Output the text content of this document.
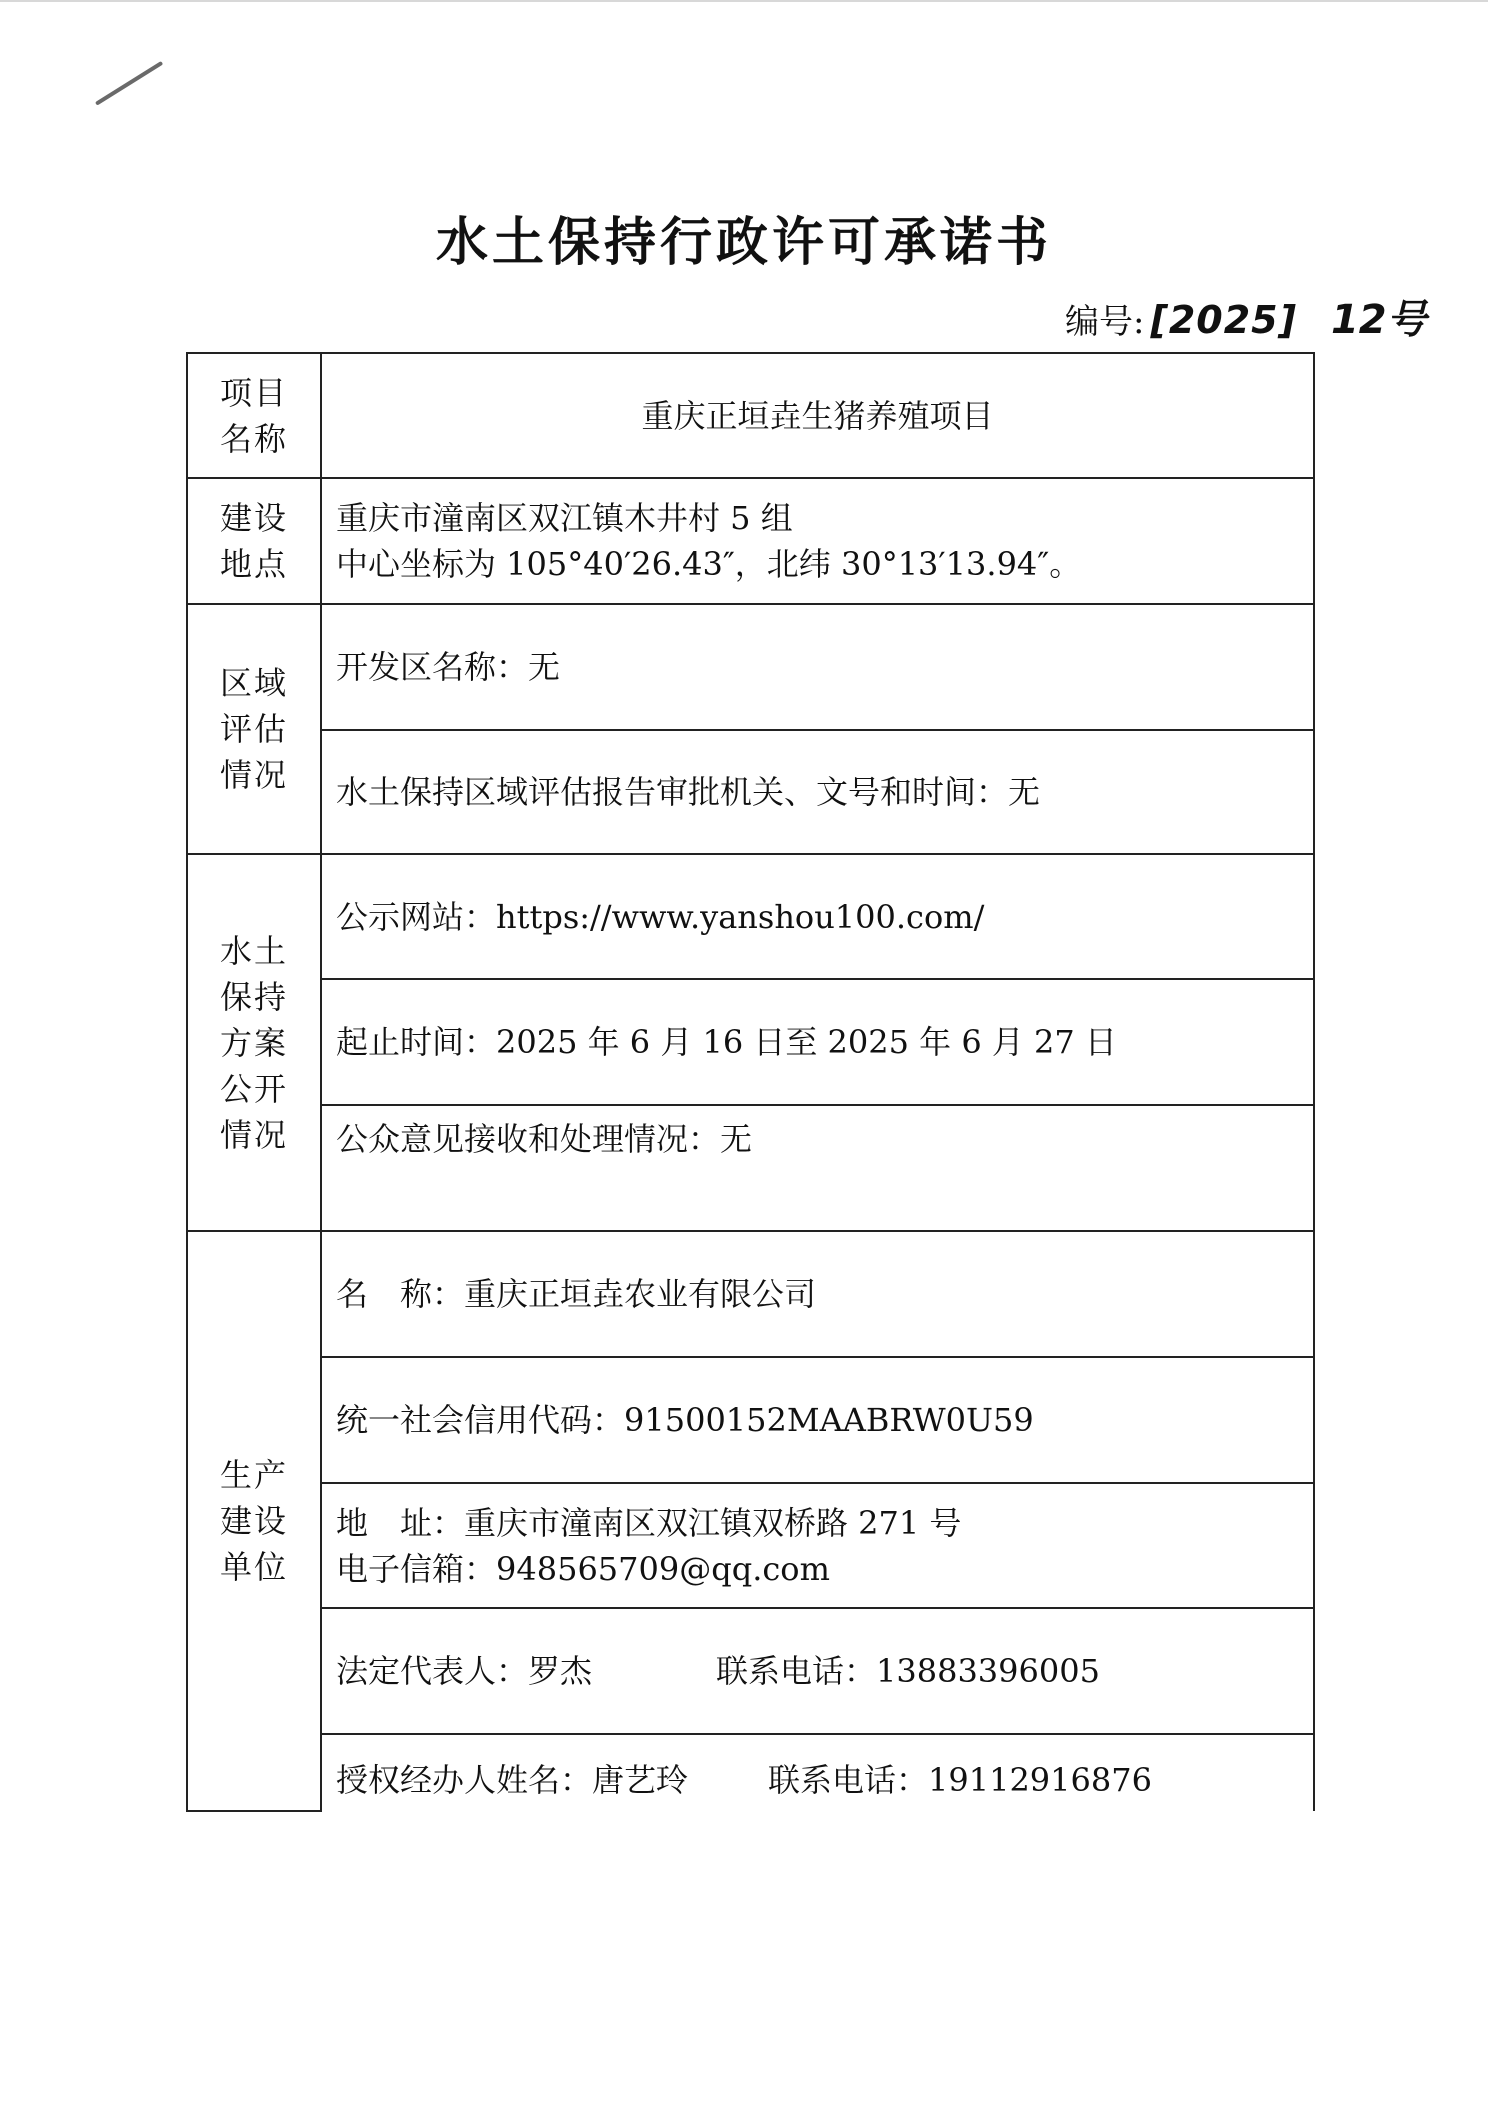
水土保持行政许可承诺书
编号: [2025] 12号
项目名称	重庆正垣垚生猪养殖项目
建设地点	重庆市潼南区双江镇木井村 5 组
中心坐标为 105°40′26.43″，北纬 30°13′13.94″。

区域评估情况	开发区名称：无
	水土保持区域评估报告审批机关、文号和时间：无
水土保持方案公开情况	公示网站：https://www.yanshou100.com/
	起止时间：2025 年 6 月 16 日至 2025 年 6 月 27 日
	公众意见接收和处理情况：无
生产建设单位	名　称：重庆正垣垚农业有限公司
	统一社会信用代码：91500152MAABRW0U59

	地　址：重庆市潼南区双江镇双桥路 271 号
电子信箱：948565709@qq.com

	法定代表人：罗杰 联系电话：13883396005
	授权经办人姓名：唐艺玲 联系电话：19112916876
